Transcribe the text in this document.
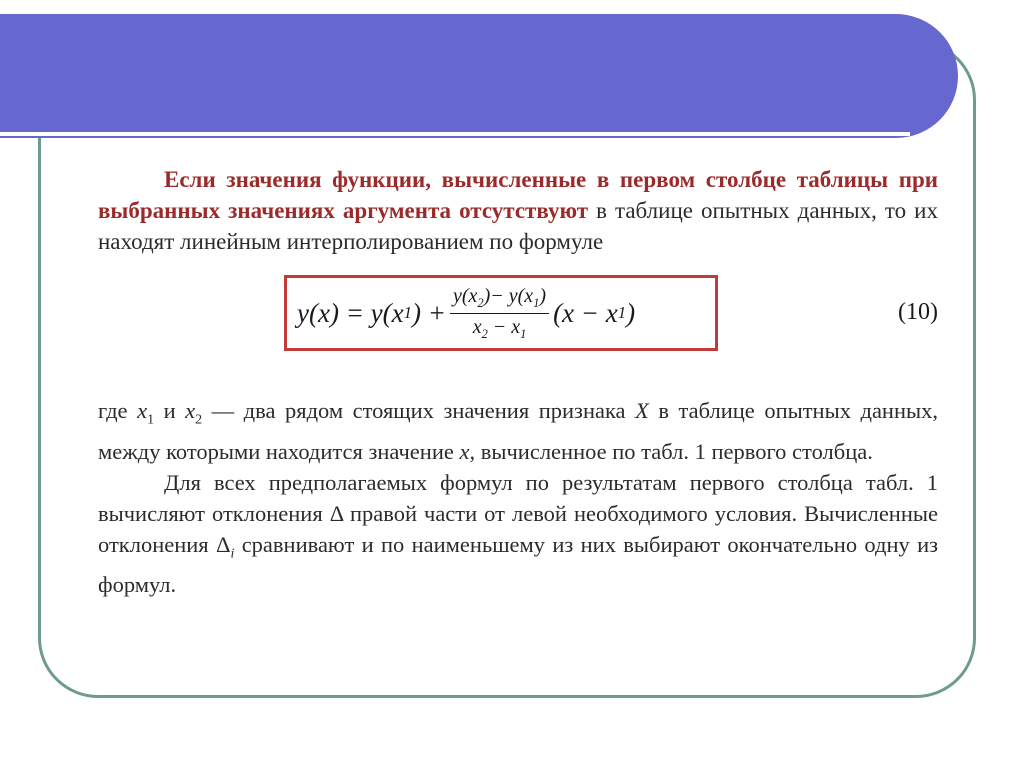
Если значения функции, вычисленные в первом столбце таблицы при выбранных значениях аргумента отсутствуют в таблице опытных данных, то их находят линейным интерполированием по формуле

y(x) = y(x 1 ) + $\frac{y(x_2)- y(x_1)}{x_2 - x_1} (x - x$ 1 )	(10)

где $x_1$ и $x_2$ — два рядом стоящих значения признака X в таблице опытных данных, между которыми находится значение x, вычисленное по табл. 1 первого столбца.

Для всех предполагаемых формул по результатам первого столбца табл. 1 вычисляют отклонения Δ правой части от левой необходимого условия. Вычисленные отклонения $\Delta_i$ сравнивают и по наименьшему из них выбирают окончательно одну из формул.
